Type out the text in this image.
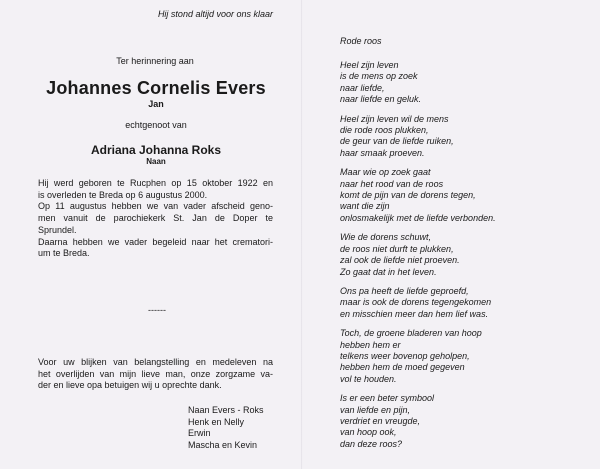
Hij stond altijd voor ons klaar
Ter herinnering aan
Johannes Cornelis Evers
Jan
echtgenoot van
Adriana Johanna Roks
Naan
Hij werd geboren te Rucphen op 15 oktober 1922 en
is overleden te Breda op 6 augustus 2000.
Op 11 augustus hebben we van vader afscheid geno-
men vanuit de parochiekerk St. Jan de Doper te
Sprundel.
Daarna hebben we vader begeleid naar het crematori-
um te Breda.
------
Voor uw blijken van belangstelling en medeleven na
het overlijden van mijn lieve man, onze zorgzame va-
der en lieve opa betuigen wij u oprechte dank.
Naan Evers - Roks
Henk en Nelly
Erwin
Mascha en Kevin
Rode roos
Heel zijn leven
is de mens op zoek
naar liefde,
naar liefde en geluk.
Heel zijn leven wil de mens
die rode roos plukken,
de geur van de liefde ruiken,
haar smaak proeven.
Maar wie op zoek gaat
naar het rood van de roos
komt de pijn van de dorens tegen,
want die zijn
onlosmakelijk met de liefde verbonden.
Wie de dorens schuwt,
de roos niet durft te plukken,
zal ook de liefde niet proeven.
Zo gaat dat in het leven.
Ons pa heeft de liefde geproefd,
maar is ook de dorens tegengekomen
en misschien meer dan hem lief was.
Toch, de groene bladeren van hoop
hebben hem er
telkens weer bovenop geholpen,
hebben hem de moed gegeven
vol te houden.
Is er een beter symbool
van liefde en pijn,
verdriet en vreugde,
van hoop ook,
dan deze roos?
